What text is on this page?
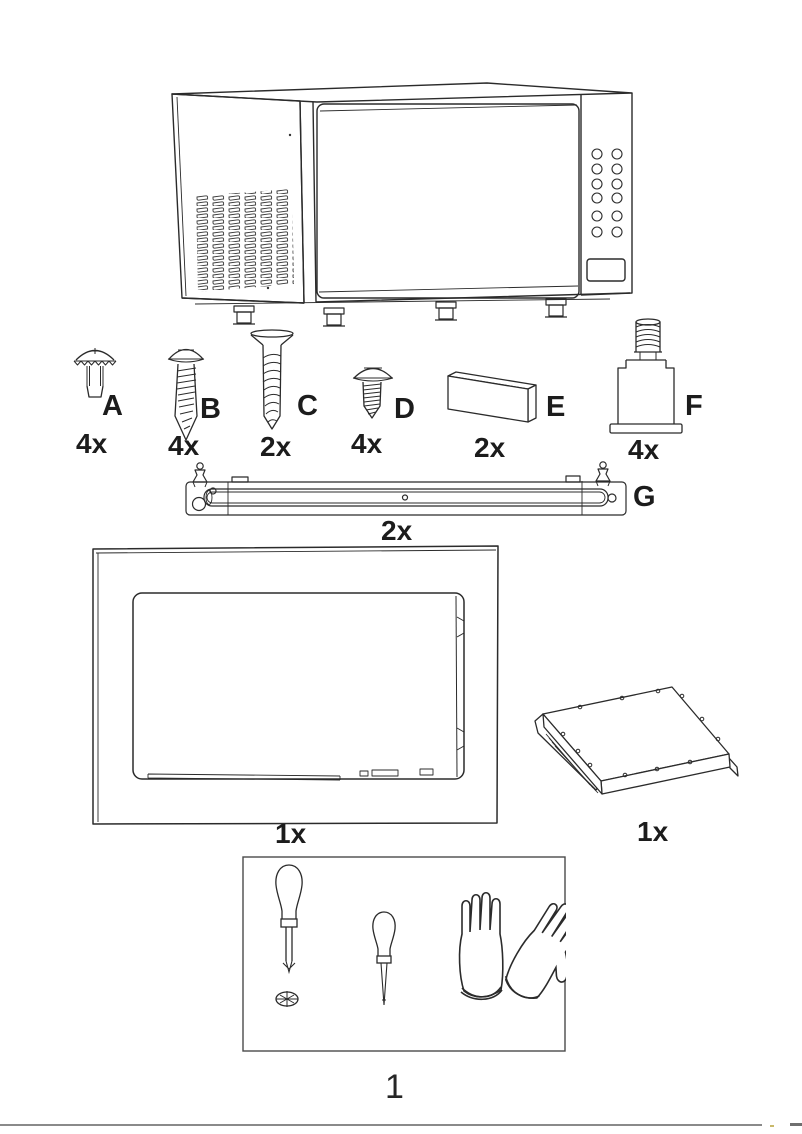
A	B	C	D	E	F
G
4x 4x 2x 4x	2x	4x
2x
1x	1x
1
